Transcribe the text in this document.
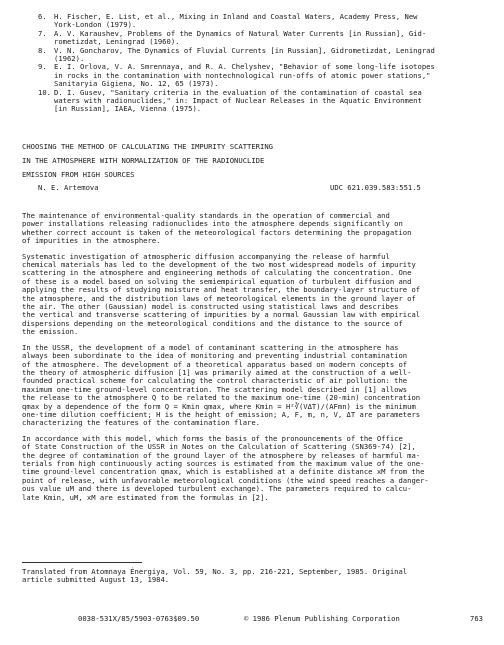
6. H. Fischer, E. List, et al., Mixing in Inland and Coastal Waters, Academy Press, New
York-London (1979).
7. A. V. Karaushev, Problems of the Dynamics of Natural Water Currents [in Russian], Gid-
rometizdat, Leningrad (1960).
8. V. N. Goncharov, The Dynamics of Fluvial Currents [in Russian], Gidrometizdat, Leningrad
(1962).
9. E. I. Orlova, V. A. Smrennaya, and R. A. Chelyshev, "Behavior of some long-life isotopes
in rocks in the contamination with nontechnological run-offs of atomic power stations,"
Sanitaryia Gigiena, No. 12, 65 (1973).
10. D. I. Gusev, "Sanitary criteria in the evaluation of the contamination of coastal sea
waters with radionuclides," in: Impact of Nuclear Releases in the Aquatic Environment
[in Russian], IAEA, Vienna (1975).
CHOOSING THE METHOD OF CALCULATING THE IMPURITY SCATTERING
IN THE ATMOSPHERE WITH NORMALIZATION OF THE RADIONUCLIDE
EMISSION FROM HIGH SOURCES
N. E. Artemova	UDC 621.039.583:551.5

The maintenance of environmental-quality standards in the operation of commercial and
power installations releasing radionuclides into the atmosphere depends significantly on
whether correct account is taken of the meteorological factors determining the propagation
of impurities in the atmosphere.

Systematic investigation of atmospheric diffusion accompanying the release of harmful
chemical materials has led to the development of the two most widespread models of impurity
scattering in the atmosphere and engineering methods of calculating the concentration. One
of these is a model based on solving the semiempirical equation of turbulent diffusion and
applying the results of studying moisture and heat transfer, the boundary-layer structure of
the atmosphere, and the distribution laws of meteorological elements in the ground layer of
the air. The other (Gaussian) model is constructed using statistical laws and describes
the vertical and transverse scattering of impurities by a normal Gaussian law with empirical
dispersions depending on the meteorological conditions and the distance to the source of
the emission.

In the USSR, the development of a model of contaminant scattering in the atmosphere has
always been subordinate to the idea of monitoring and preventing industrial contamination
of the atmosphere. The development of a theoretical apparatus based on modern concepts of
the theory of atmospheric diffusion [1] was primarily aimed at the construction of a well-
founded practical scheme for calculating the control characteristic of air pollution: the
maximum one-time ground-level concentration. The scattering model described in [1] allows
the release to the atmosphere Q to be related to the maximum one-time (20-min) concentration
qmax by a dependence of the form Q = Kmin qmax, where Kmin = H²∛(VΔT)/(AFmn) is the minimum
one-time dilution coefficient; H is the height of emission; A, F, m, n, V, ΔT are parameters
characterizing the features of the contamination flare.

In accordance with this model, which forms the basis of the pronouncements of the Office
of State Construction of the USSR in Notes on the Calculation of Scattering (SN369-74) [2],
the degree of contamination of the ground layer of the atmosphere by releases of harmful ma-
terials from high continuously acting sources is estimated from the maximum value of the one-
time ground-level concentration qmax, which is established at a definite distance xM from the
point of release, with unfavorable meteorological conditions (the wind speed reaches a danger-
ous value uM and there is developed turbulent exchange). The parameters required to calcu-
late Kmin, uM, xM are estimated from the formulas in [2].

Translated from Atomnaya Énergiya, Vol. 59, No. 3, pp. 216-221, September, 1985. Original
article submitted August 13, 1984.

0038-531X/85/5903-0763$09.50	© 1986 Plenum Publishing Corporation	763
